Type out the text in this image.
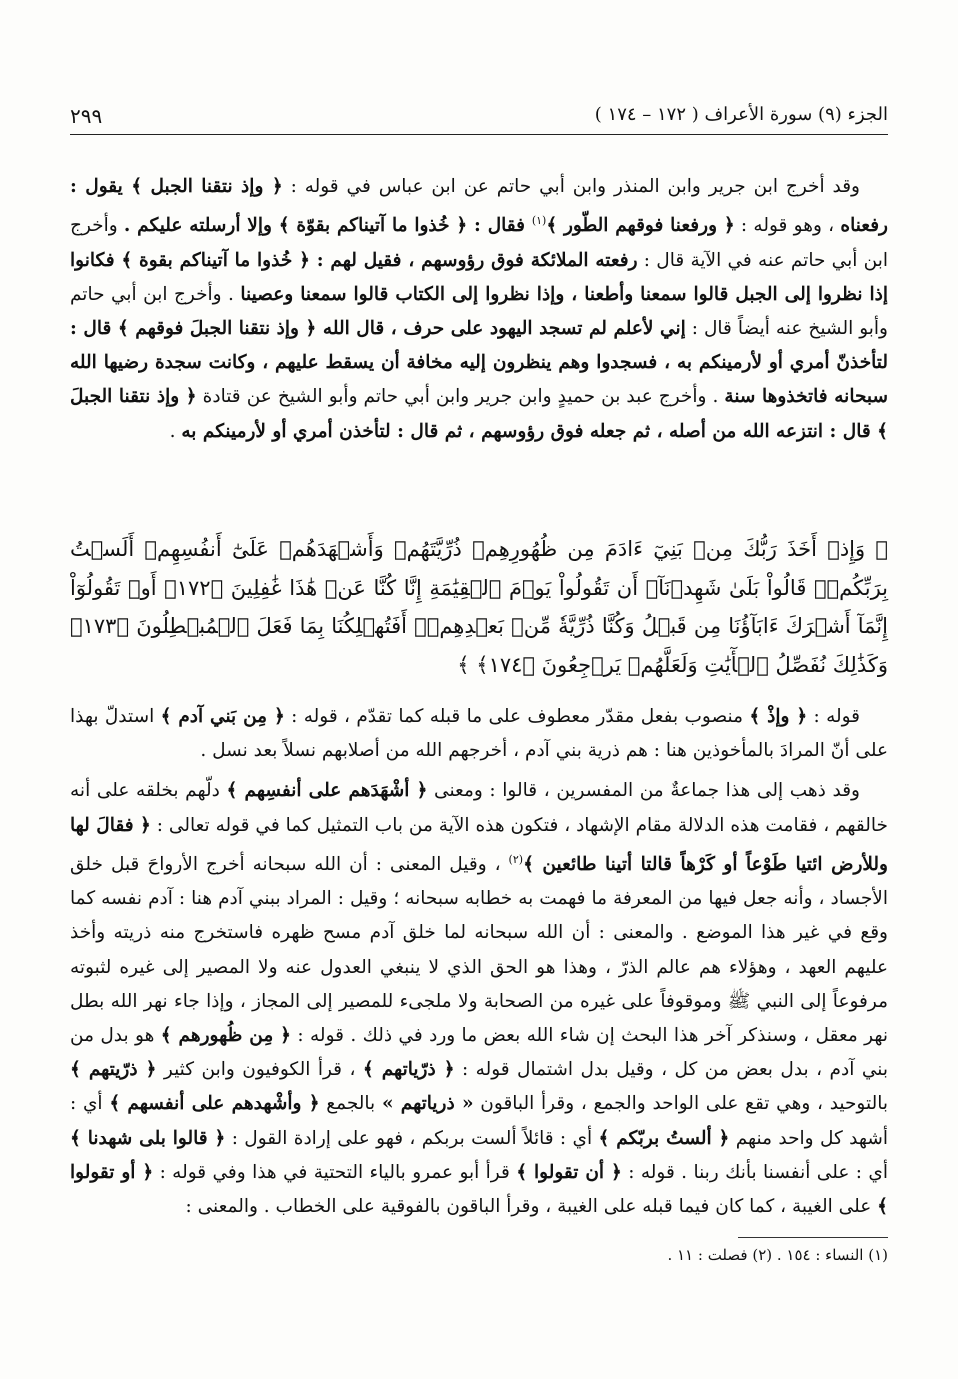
الجزء (٩) سورة الأعراف ( ١٧٢ – ١٧٤ )
٢٩٩

وقد أخرج ابن جرير وابن المنذر وابن أبي حاتم عن ابن عباس في قوله : ﴿ وإذ نتقنا الجبل ﴾ يقول : رفعناه ، وهو قوله : ﴿ ورفعنا فوقهم الطّور ﴾$^{(١)}$ فقال : ﴿ خُذوا ما آتيناكم بقوّة ﴾ وإلا أرسلته عليكم . وأخرج ابن أبي حاتم عنه في الآية قال : رفعته الملائكة فوق رؤوسهم ، فقيل لهم : ﴿ خُذوا ما آتيناكم بقوة ﴾ فكانوا إذا نظروا إلى الجبل قالوا سمعنا وأطعنا ، وإذا نظروا إلى الكتاب قالوا سمعنا وعصينا . وأخرج ابن أبي حاتم وأبو الشيخ عنه أيضاً قال : إني لأعلم لم تسجد اليهود على حرف ، قال الله ﴿ وإذ نتقنا الجبلَ فوقهم ﴾ قال : لتأخذنّ أمري أو لأرمينكم به ، فسجدوا وهم ينظرون إليه مخافة أن يسقط عليهم ، وكانت سجدة رضيها الله سبحانه فاتخذوها سنة . وأخرج عبد بن حميدٍ وابن جرير وابن أبي حاتم وأبو الشيخ عن قتادة ﴿ وإذ نتقنا الجبلَ ﴾ قال : انتزعه الله من أصله ، ثم جعله فوق رؤوسهم ، ثم قال : لتأخذن أمري أو لأرمينكم به .

﴿ وَإِذۡ أَخَذَ رَبُّكَ مِنۢ بَنِيٓ ءَادَمَ مِن ظُهُورِهِمۡ ذُرِّيَّتَهُمۡ وَأَشۡهَدَهُمۡ عَلَىٰٓ أَنفُسِهِمۡ أَلَسۡتُ بِرَبِّكُمۡۖ قَالُواْ بَلَىٰ شَهِدۡنَآۚ أَن تَقُولُواْ يَوۡمَ ٱلۡقِيَٰمَةِ إِنَّا كُنَّا عَنۡ هَٰذَا غَٰفِلِينَ ﴿١٧٢﴾ أَوۡ تَقُولُوٓاْ إِنَّمَآ أَشۡرَكَ ءَابَآؤُنَا مِن قَبۡلُ وَكُنَّا ذُرِّيَّةٗ مِّنۢ بَعۡدِهِمۡۖ أَفَتُهۡلِكُنَا بِمَا فَعَلَ ٱلۡمُبۡطِلُونَ ﴿١٧٣﴾ وَكَذَٰلِكَ نُفَصِّلُ ٱلۡأٓيَٰتِ وَلَعَلَّهُمۡ يَرۡجِعُونَ ﴿١٧٤﴾ ﴾

قوله : ﴿ وإذْ ﴾ منصوب بفعل مقدّر معطوف على ما قبله كما تقدّم ، قوله : ﴿ مِن بَني آدم ﴾ استدلّ بهذا على أنّ المرادَ بالمأخوذين هنا : هم ذرية بني آدم ، أخرجهم الله من أصلابهم نسلاً بعد نسل .

وقد ذهب إلى هذا جماعةٌ من المفسرين ، قالوا : ومعنى ﴿ أشْهَدَهم على أنفسِهم ﴾ دلّهم بخلقه على أنه خالقهم ، فقامت هذه الدلالة مقام الإشهاد ، فتكون هذه الآية من باب التمثيل كما في قوله تعالى : ﴿ فقالَ لها وللأرض ائتيا طَوْعاً أو كَرْهاً قالتا أتينا طائعين ﴾$^{(٢)}$ ، وقيل المعنى : أن الله سبحانه أخرج الأرواحَ قبل خلق الأجساد ، وأنه جعل فيها من المعرفة ما فهمت به خطابه سبحانه ؛ وقيل : المراد ببني آدم هنا : آدم نفسه كما وقع في غير هذا الموضع . والمعنى : أن الله سبحانه لما خلق آدم مسح ظهره فاستخرج منه ذريته وأخذ عليهم العهد ، وهؤلاء هم عالم الذرّ ، وهذا هو الحق الذي لا ينبغي العدول عنه ولا المصير إلى غيره لثبوته مرفوعاً إلى النبي ﷺ وموقوفاً على غيره من الصحابة ولا ملجىء للمصير إلى المجاز ، وإذا جاء نهر الله بطل نهر معقل ، وسنذكر آخر هذا البحث إن شاء الله بعض ما ورد في ذلك . قوله : ﴿ مِن ظُهورهم ﴾ هو بدل من بني آدم ، بدل بعض من كل ، وقيل بدل اشتمال قوله : ﴿ ذرّياتهم ﴾ ، قرأ الكوفيون وابن كثير ﴿ ذرّيتهم ﴾ بالتوحيد ، وهي تقع على الواحد والجمع ، وقرأ الباقون « ذرياتهم » بالجمع ﴿ وأشْهدهم على أنفسهم ﴾ أي : أشهد كل واحد منهم ﴿ ألستُ بربّكم ﴾ أي : قائلاً ألست بربكم ، فهو على إرادة القول : ﴿ قالوا بلى شهدنا ﴾ أي : على أنفسنا بأنك ربنا . قوله : ﴿ أن تقولوا ﴾ قرأ أبو عمرو بالياء التحتية في هذا وفي قوله : ﴿ أو تقولوا ﴾ على الغيبة ، كما كان فيما قبله على الغيبة ، وقرأ الباقون بالفوقية على الخطاب . والمعنى :

(١) النساء : ١٥٤ . (٢) فصلت : ١١ .
